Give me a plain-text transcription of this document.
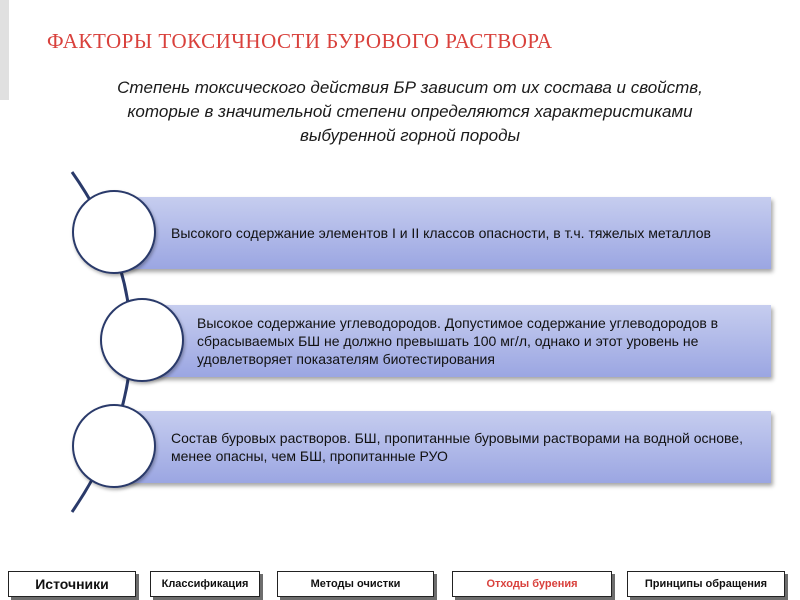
ФАКТОРЫ ТОКСИЧНОСТИ БУРОВОГО РАСТВОРА
Степень токсического действия БР зависит от их состава и свойств, которые в значительной степени определяются характеристиками выбуренной горной породы
Высокого содержание элементов I и II классов опасности, в т.ч. тяжелых металлов
Высокое содержание углеводородов. Допустимое содержание углеводородов в сбрасываемых БШ не должно превышать 100 мг/л, однако и этот уровень не удовлетворяет показателям биотестирования
Состав буровых растворов. БШ, пропитанные буровыми растворами на водной основе, менее опасны, чем БШ, пропитанные РУО
Источники	Классификация	Методы очистки	Отходы бурения	Принципы обращения
